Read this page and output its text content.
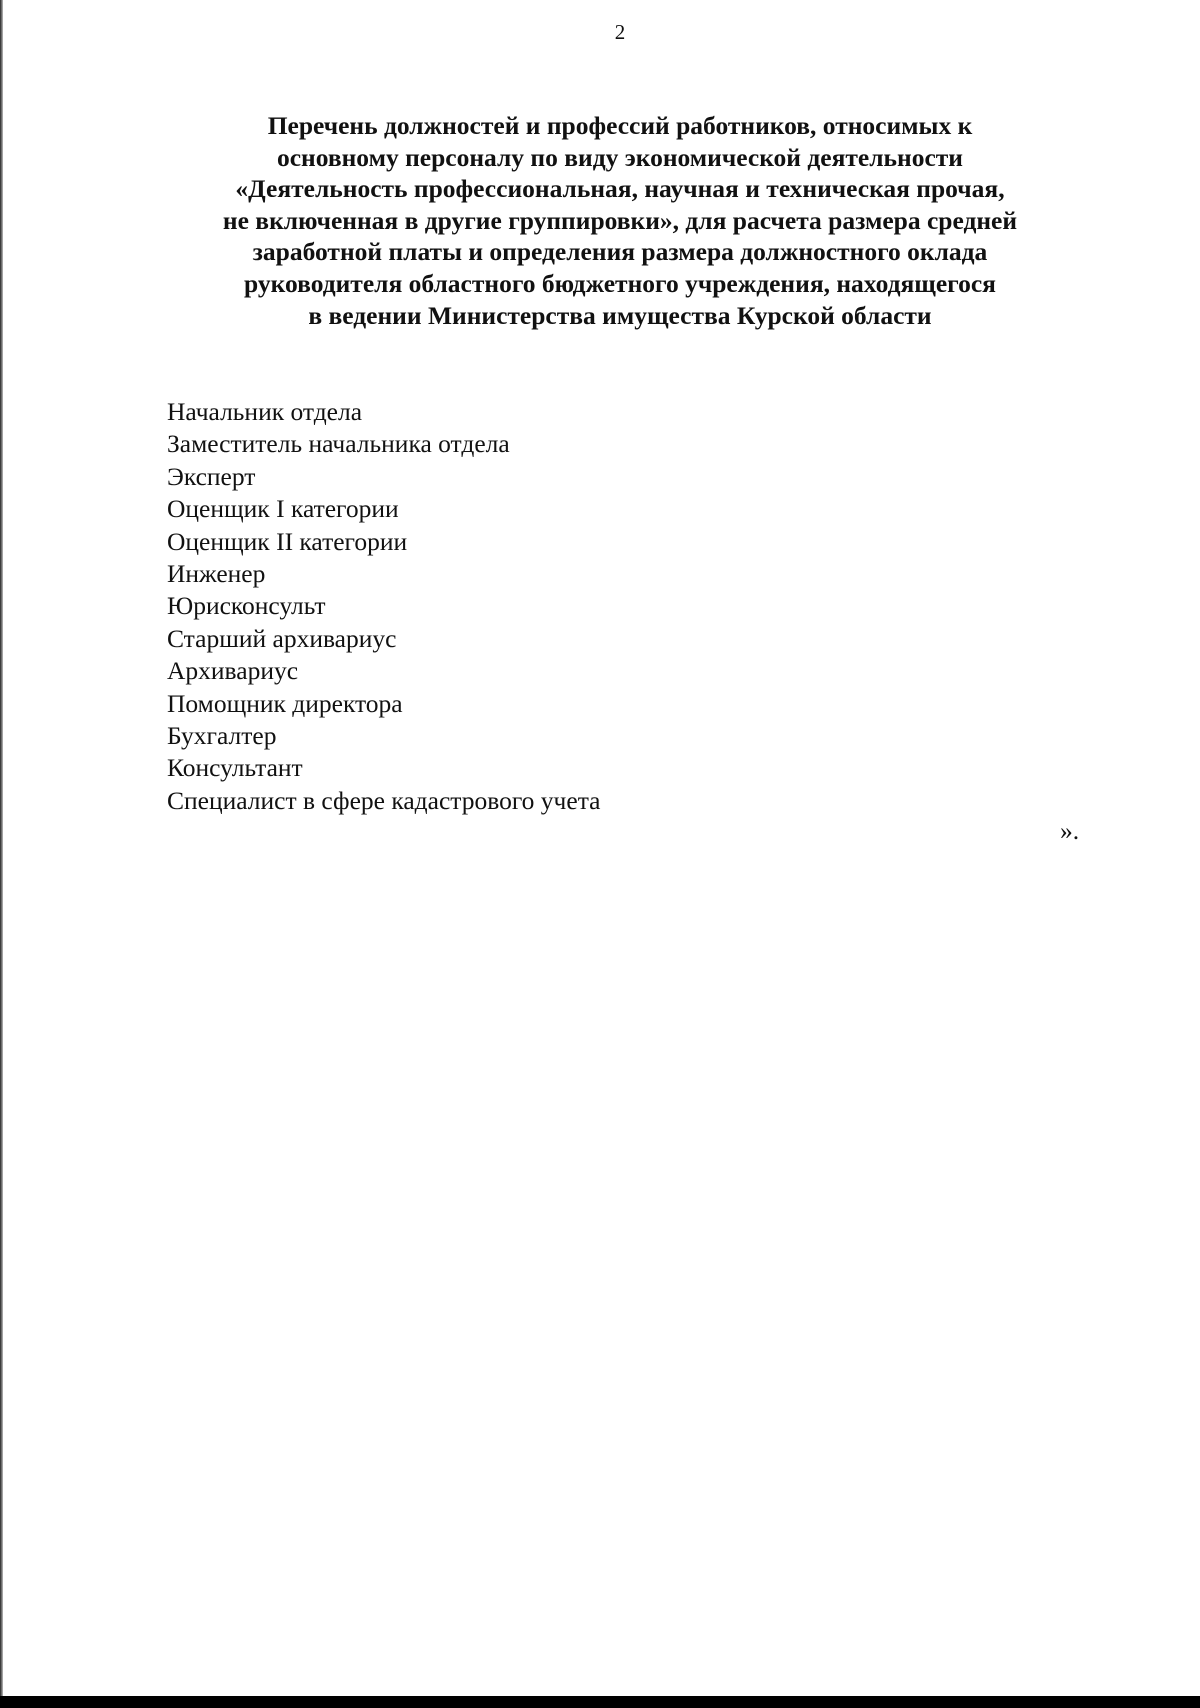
2
Перечень должностей и профессий работников, относимых к
основному персоналу по виду экономической деятельности
«Деятельность профессиональная, научная и техническая прочая,
не включенная в другие группировки», для расчета размера средней
заработной платы и определения размера должностного оклада
руководителя областного бюджетного учреждения, находящегося
в ведении Министерства имущества Курской области
Начальник отдела
Заместитель начальника отдела
Эксперт
Оценщик I категории
Оценщик II категории
Инженер
Юрисконсульт
Старший архивариус
Архивариус
Помощник директора
Бухгалтер
Консультант
Специалист в сфере кадастрового учета
».
